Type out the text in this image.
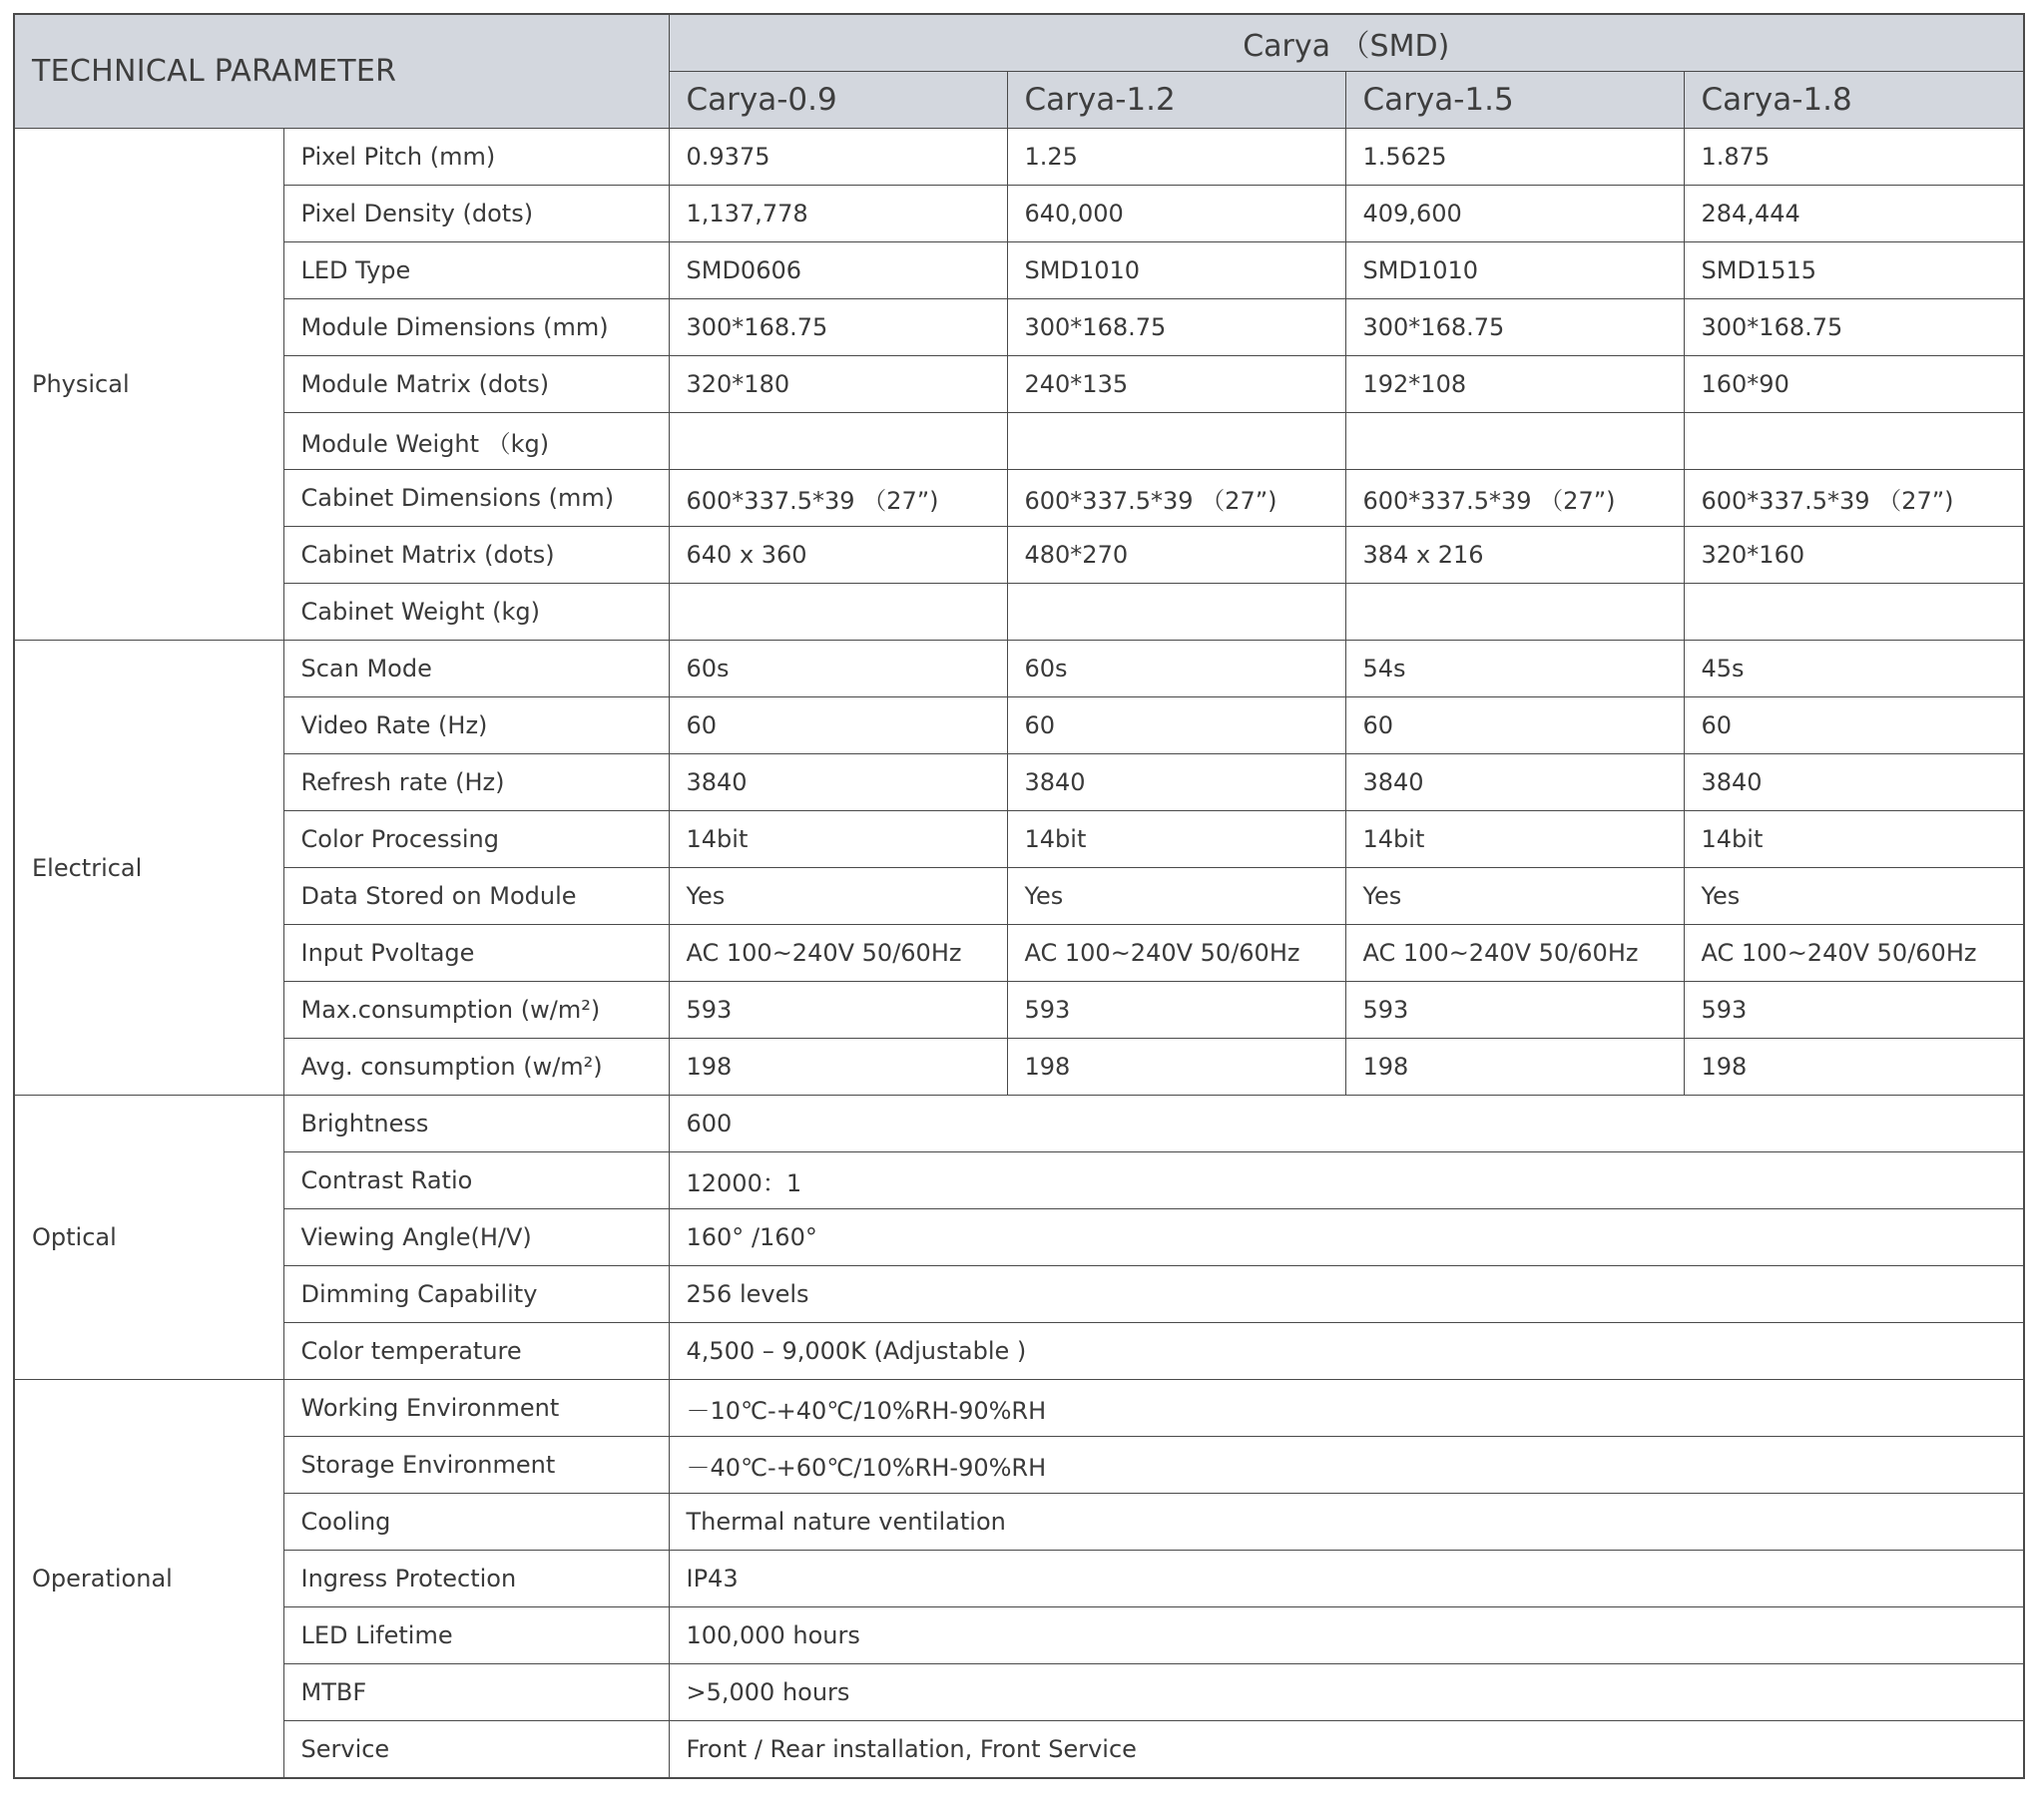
TECHNICAL PARAMETER		Carya （SMD)			
		Carya-0.9	Carya-1.2	Carya-1.5	Carya-1.8
Physical	Pixel Pitch (mm)	0.9375	1.25	1.5625	1.875
	Pixel Density (dots)	1,137,778	640,000	409,600	284,444
	LED Type	SMD0606	SMD1010	SMD1010	SMD1515
	Module Dimensions (mm)	300*168.75	300*168.75	300*168.75	300*168.75
	Module Matrix (dots)	320*180	240*135	192*108	160*90
	Module Weight （kg)				
	Cabinet Dimensions (mm)	600*337.5*39 （27”)	600*337.5*39 （27”)	600*337.5*39 （27”)	600*337.5*39 （27”)
	Cabinet Matrix (dots)	640 x 360	480*270	384 x 216	320*160
	Cabinet Weight (kg)				
Electrical	Scan Mode	60s	60s	54s	45s
	Video Rate (Hz)	60	60	60	60
	Refresh rate (Hz)	3840	3840	3840	3840
	Color Processing	14bit	14bit	14bit	14bit
	Data Stored on Module	Yes	Yes	Yes	Yes
	Input Pvoltage	AC 100~240V 50/60Hz	AC 100~240V 50/60Hz	AC 100~240V 50/60Hz	AC 100~240V 50/60Hz
	Max.consumption (w/m²)	593	593	593	593
	Avg. consumption (w/m²)	198	198	198	198
Optical	Brightness	600			
	Contrast Ratio	12000：1			
	Viewing Angle(H/V)	160° /160°			
	Dimming Capability	256 levels			
	Color temperature	4,500 – 9,000K (Adjustable )			
Operational	Working Environment	－10℃-+40℃/10%RH-90%RH			
	Storage Environment	－40℃-+60℃/10%RH-90%RH			
	Cooling	Thermal nature ventilation			
	Ingress Protection	IP43			
	LED Lifetime	100,000 hours			
	MTBF	>5,000 hours			
	Service	Front / Rear installation, Front Service			
